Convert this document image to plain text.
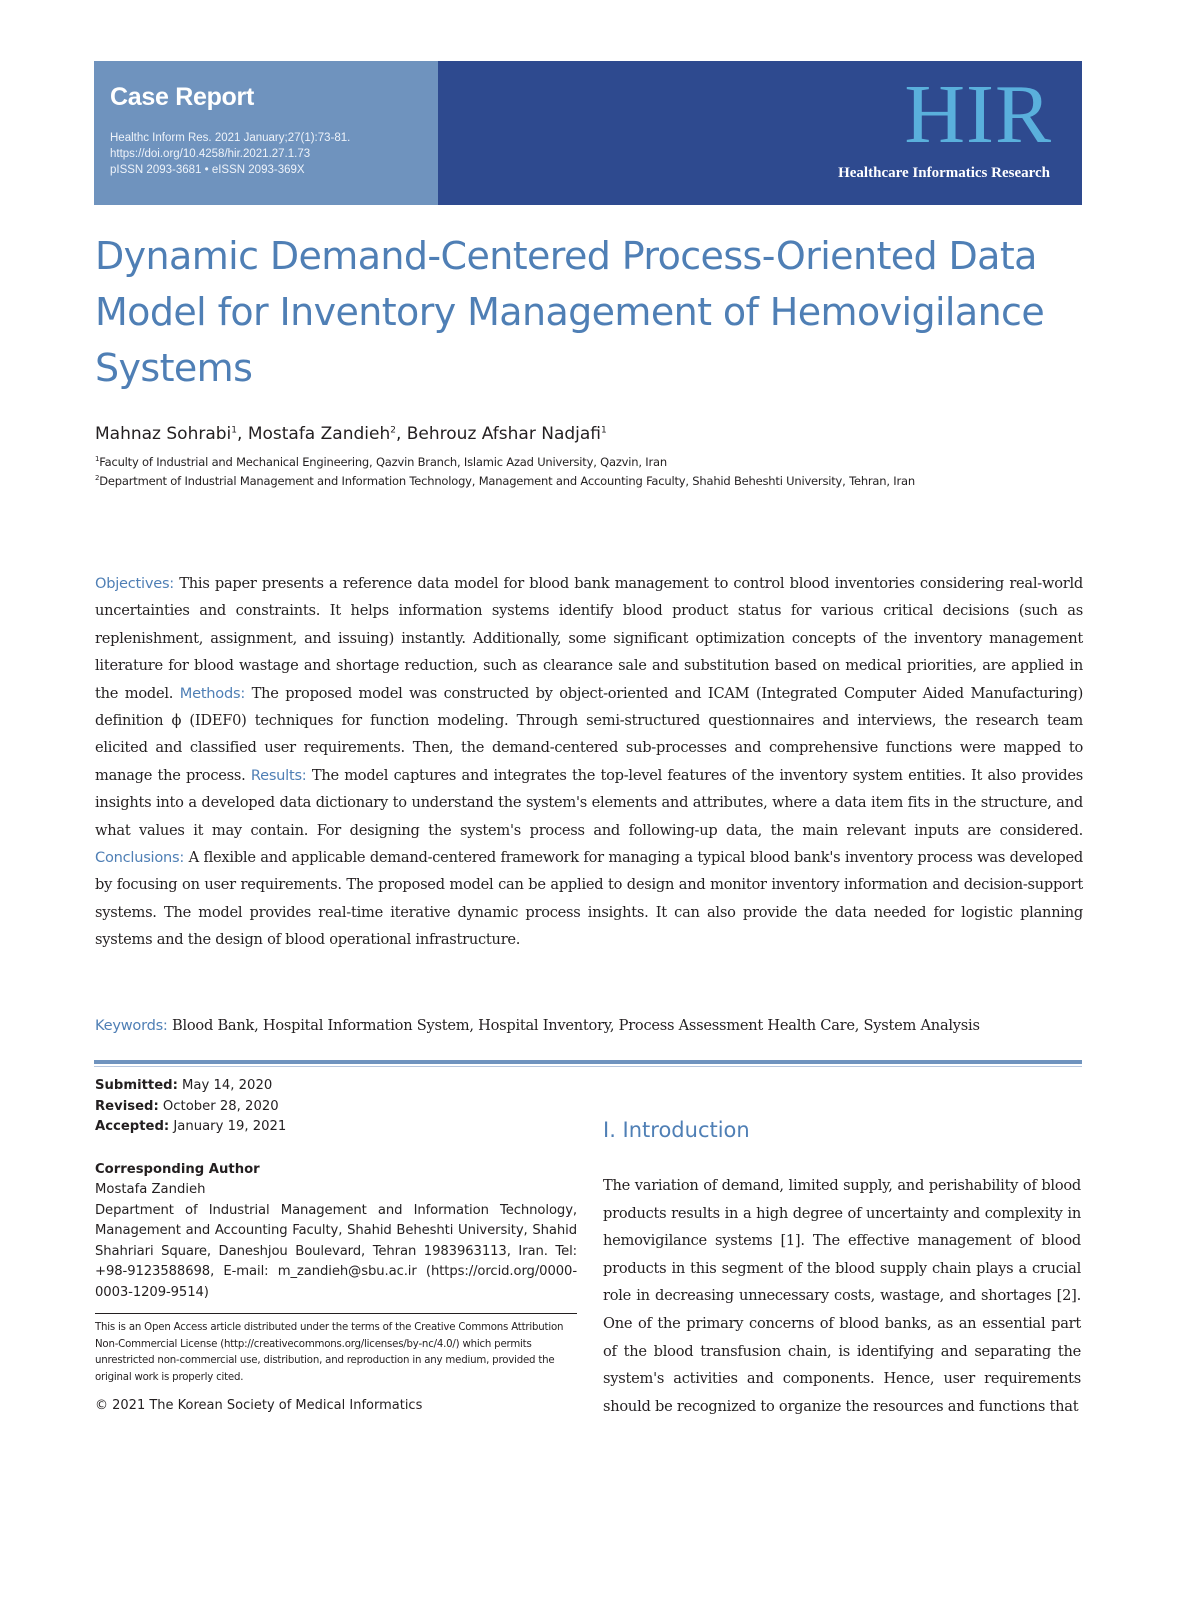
Case Report
Healthc Inform Res. 2021 January;27(1):73-81.
https://doi.org/10.4258/hir.2021.27.1.73
pISSN 2093-3681 • eISSN 2093-369X
HIR
Healthcare Informatics Research
Dynamic Demand-Centered Process-Oriented Data Model for Inventory Management of Hemovigilance Systems
Mahnaz Sohrabi$^1$, Mostafa Zandieh$^2$, Behrouz Afshar Nadjafi$^1$
$^1$Faculty of Industrial and Mechanical Engineering, Qazvin Branch, Islamic Azad University, Qazvin, Iran
$^2$Department of Industrial Management and Information Technology, Management and Accounting Faculty, Shahid Beheshti University, Tehran, Iran
Objectives: This paper presents a reference data model for blood bank management to control blood inventories considering real-world uncertainties and constraints. It helps information systems identify blood product status for various critical decisions (such as replenishment, assignment, and issuing) instantly. Additionally, some significant optimization concepts of the inventory management literature for blood wastage and shortage reduction, such as clearance sale and substitution based on medical priorities, are applied in the model. Methods: The proposed model was constructed by object-oriented and ICAM (Integrated Computer Aided Manufacturing) definition ϕ (IDEF0) techniques for function modeling. Through semi-structured questionnaires and interviews, the research team elicited and classified user requirements. Then, the demand-centered sub-processes and comprehensive functions were mapped to manage the process. Results: The model captures and integrates the top-level features of the inventory system entities. It also provides insights into a developed data dictionary to understand the system's elements and attributes, where a data item fits in the structure, and what values it may contain. For designing the system's process and following-up data, the main relevant inputs are considered. Conclusions: A flexible and applicable demand-centered framework for managing a typical blood bank's inventory process was developed by focusing on user requirements. The proposed model can be applied to design and monitor inventory information and decision-support systems. The model provides real-time iterative dynamic process insights. It can also provide the data needed for logistic planning systems and the design of blood operational infrastructure.
Keywords: Blood Bank, Hospital Information System, Hospital Inventory, Process Assessment Health Care, System Analysis
Submitted: May 14, 2020
Revised: October 28, 2020
Accepted: January 19, 2021
Corresponding Author
Mostafa Zandieh
Department of Industrial Management and Information Technology, Management and Accounting Faculty, Shahid Beheshti University, Shahid Shahriari Square, Daneshjou Boulevard, Tehran 1983963113, Iran. Tel: +98-9123588698, E-mail: m_zandieh@sbu.ac.ir (https://orcid.org/0000-0003-1209-9514)
This is an Open Access article distributed under the terms of the Creative Commons Attribution Non-Commercial License (http://creativecommons.org/licenses/by-nc/4.0/) which permits unrestricted non-commercial use, distribution, and reproduction in any medium, provided the original work is properly cited.
© 2021 The Korean Society of Medical Informatics
I. Introduction
The variation of demand, limited supply, and perishability of blood products results in a high degree of uncertainty and complexity in hemovigilance systems [1]. The effective management of blood products in this segment of the blood supply chain plays a crucial role in decreasing unnecessary costs, wastage, and shortages [2]. One of the primary concerns of blood banks, as an essential part of the blood transfusion chain, is identifying and separating the system's activities and components. Hence, user requirements should be recognized to organize the resources and functions that
